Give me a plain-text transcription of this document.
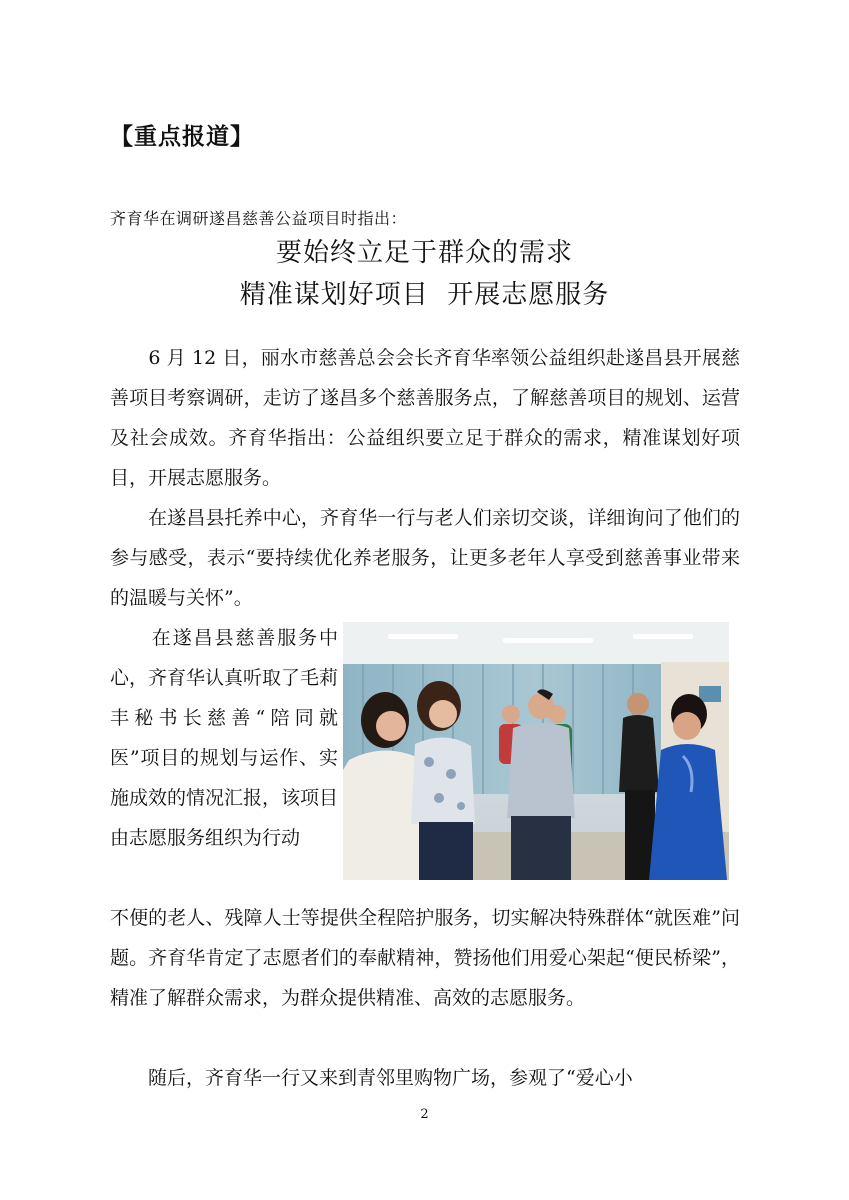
【重点报道】
齐育华在调研遂昌慈善公益项目时指出：
要始终立足于群众的需求
精准谋划好项目  开展志愿服务
　　6 月 12 日，丽水市慈善总会会长齐育华率领公益组织赴遂昌县开展慈善项目考察调研，走访了遂昌多个慈善服务点，了解慈善项目的规划、运营及社会成效。齐育华指出：公益组织要立足于群众的需求，精准谋划好项目，开展志愿服务。
　　在遂昌县托养中心，齐育华一行与老人们亲切交谈，详细询问了他们的参与感受，表示“要持续优化养老服务，让更多老年人享受到慈善事业带来的温暖与关怀”。
　　在遂昌县慈善服务中心，齐育华认真听取了毛莉丰秘书长慈善“陪同就医”项目的规划与运作、实施成效的情况汇报，该项目由志愿服务组织为行动
不便的老人、残障人士等提供全程陪护服务，切实解决特殊群体“就医难”问题。齐育华肯定了志愿者们的奉献精神，赞扬他们用爱心架起“便民桥梁”，精准了解群众需求，为群众提供精准、高效的志愿服务。
　　随后，齐育华一行又来到青邻里购物广场，参观了“爱心小
2
